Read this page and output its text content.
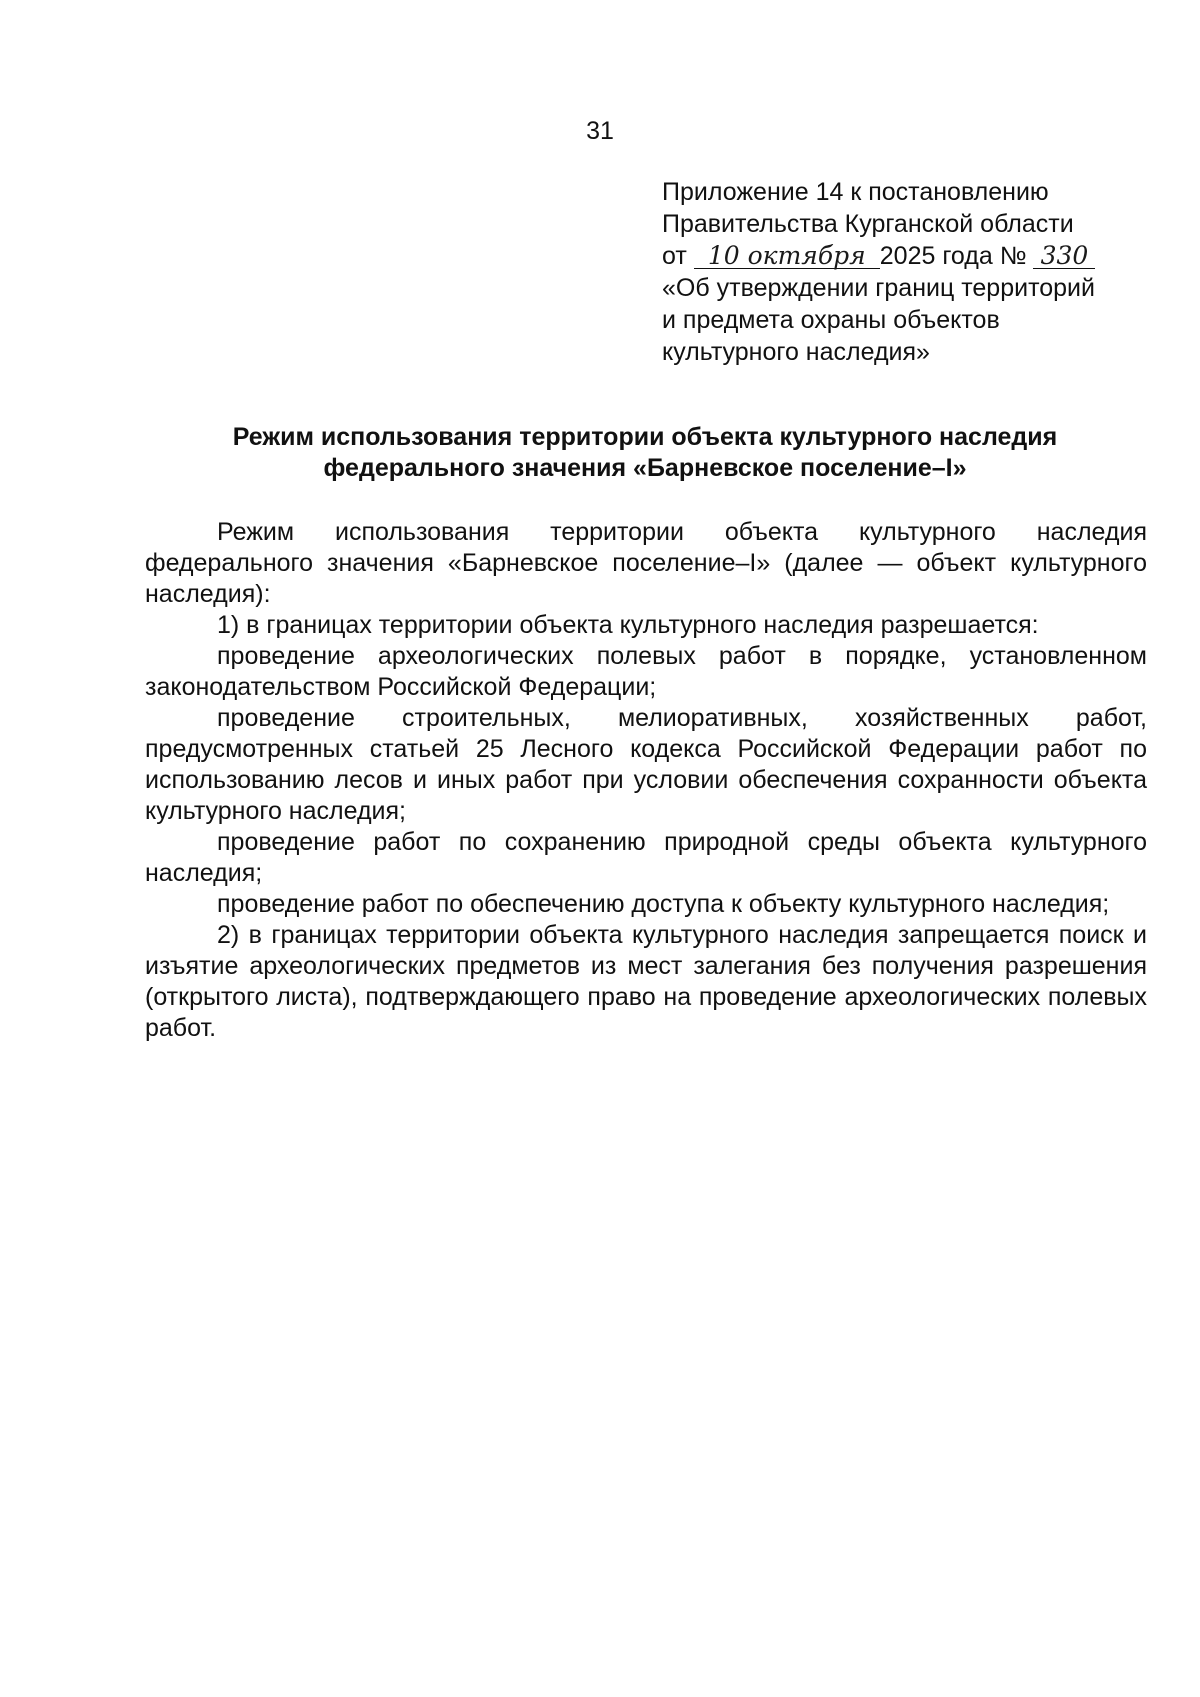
31
Приложение 14 к постановлению
Правительства Курганской области
от 10 октября 2025 года № 330
«Об утверждении границ территорий
и предмета охраны объектов
культурного наследия»
Режим использования территории объекта культурного наследия
федерального значения «Барневское поселение–I»

Режим использования территории объекта культурного наследия федерального значения «Барневское поселение–I» (далее — объект культурного наследия):

1) в границах территории объекта культурного наследия разрешается:

проведение археологических полевых работ в порядке, установленном законодательством Российской Федерации;

проведение строительных, мелиоративных, хозяйственных работ, предусмотренных статьей 25 Лесного кодекса Российской Федерации работ по использованию лесов и иных работ при условии обеспечения сохранности объекта культурного наследия;

проведение работ по сохранению природной среды объекта культурного наследия;

проведение работ по обеспечению доступа к объекту культурного наследия;

2) в границах территории объекта культурного наследия запрещается поиск и изъятие археологических предметов из мест залегания без получения разрешения (открытого листа), подтверждающего право на проведение археологических полевых работ.
